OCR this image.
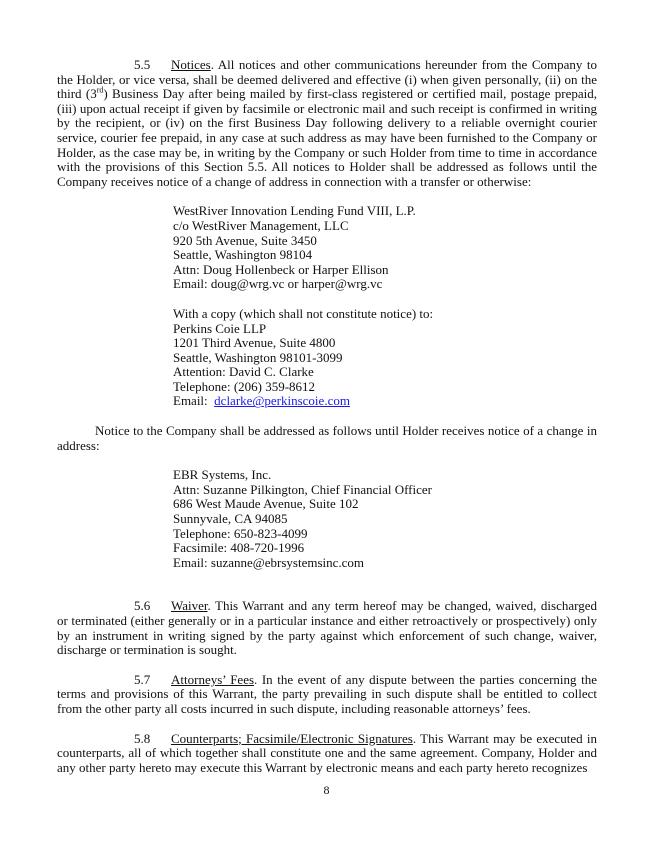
5.5 Notices. All notices and other communications hereunder from the Company to the Holder, or vice versa, shall be deemed delivered and effective (i) when given personally, (ii) on the third (3rd) Business Day after being mailed by first-class registered or certified mail, postage prepaid, (iii) upon actual receipt if given by facsimile or electronic mail and such receipt is confirmed in writing by the recipient, or (iv) on the first Business Day following delivery to a reliable overnight courier service, courier fee prepaid, in any case at such address as may have been furnished to the Company or Holder, as the case may be, in writing by the Company or such Holder from time to time in accordance with the provisions of this Section 5.5. All notices to Holder shall be addressed as follows until the Company receives notice of a change of address in connection with a transfer or otherwise:

WestRiver Innovation Lending Fund VIII, L.P.
c/o WestRiver Management, LLC
920 5th Avenue, Suite 3450
Seattle, Washington 98104
Attn: Doug Hollenbeck or Harper Ellison
Email: doug@wrg.vc or harper@wrg.vc
With a copy (which shall not constitute notice) to:
Perkins Coie LLP
1201 Third Avenue, Suite 4800
Seattle, Washington 98101-3099
Attention: David C. Clarke
Telephone: (206) 359-8612
Email: dclarke@perkinscoie.com

Notice to the Company shall be addressed as follows until Holder receives notice of a change in address:

EBR Systems, Inc.
Attn: Suzanne Pilkington, Chief Financial Officer
686 West Maude Avenue, Suite 102
Sunnyvale, CA 94085
Telephone: 650-823-4099
Facsimile: 408-720-1996
Email: suzanne@ebrsystemsinc.com

5.6 Waiver. This Warrant and any term hereof may be changed, waived, discharged or terminated (either generally or in a particular instance and either retroactively or prospectively) only by an instrument in writing signed by the party against which enforcement of such change, waiver, discharge or termination is sought.

5.7 Attorneys’ Fees. In the event of any dispute between the parties concerning the terms and provisions of this Warrant, the party prevailing in such dispute shall be entitled to collect from the other party all costs incurred in such dispute, including reasonable attorneys’ fees.

5.8 Counterparts; Facsimile/Electronic Signatures. This Warrant may be executed in counterparts, all of which together shall constitute one and the same agreement. Company, Holder and any other party hereto may execute this Warrant by electronic means and each party hereto recognizes

8
